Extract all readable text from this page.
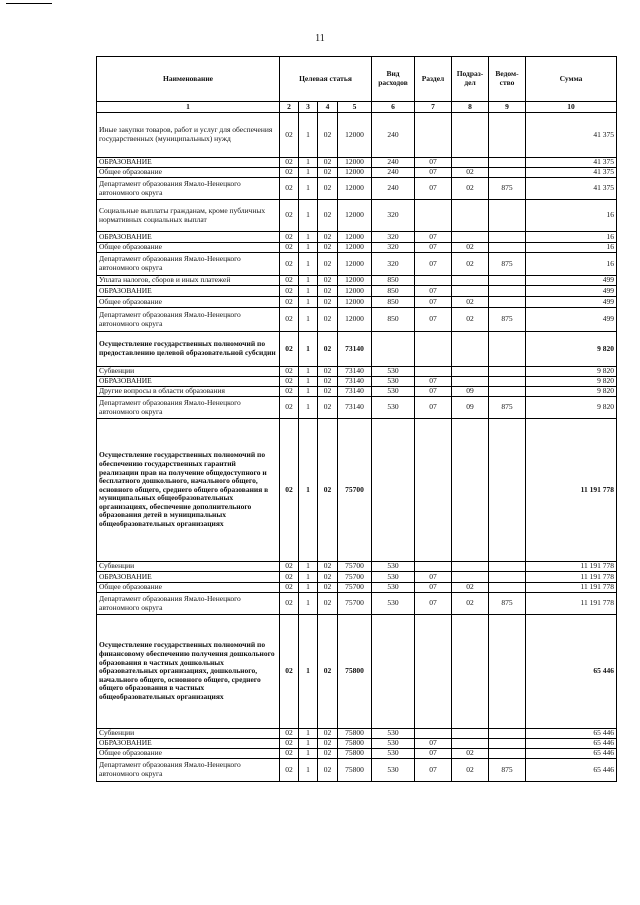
11
Наименование	Целевая статья				Вид расходов	Раздел	Подраз-дел	Ведом-ство	Сумма
1	2	3	4	5	6	7	8	9	10
Иные закупки товаров, работ и услуг для обеспечения государственных (муниципальных) нужд	02	1	02	12000	240				41 375
ОБРАЗОВАНИЕ	02	1	02	12000	240	07			41 375
Общее образование	02	1	02	12000	240	07	02		41 375
Департамент образования Ямало-Ненецкого автономного округа	02	1	02	12000	240	07	02	875	41 375
Социальные выплаты гражданам, кроме публичных нормативных социальных выплат	02	1	02	12000	320				16
ОБРАЗОВАНИЕ	02	1	02	12000	320	07			16
Общее образование	02	1	02	12000	320	07	02		16
Департамент образования Ямало-Ненецкого автономного округа	02	1	02	12000	320	07	02	875	16
Уплата налогов, сборов и иных платежей	02	1	02	12000	850				499
ОБРАЗОВАНИЕ	02	1	02	12000	850	07			499
Общее образование	02	1	02	12000	850	07	02		499
Департамент образования Ямало-Ненецкого автономного округа	02	1	02	12000	850	07	02	875	499
Осуществление государственных полномочий по предоставлению целевой образовательной субсидии	02	1	02	73140					9 820
Субвенции	02	1	02	73140	530				9 820
ОБРАЗОВАНИЕ	02	1	02	73140	530	07			9 820
Другие вопросы в области образования	02	1	02	73140	530	07	09		9 820
Департамент образования Ямало-Ненецкого автономного округа	02	1	02	73140	530	07	09	875	9 820
Осуществление государственных полномочий по обеспечению государственных гарантий реализации прав на получение общедоступного и бесплатного дошкольного, начального общего, основного общего, среднего общего образования в муниципальных общеобразовательных организациях, обеспечение дополнительного образования детей в муниципальных общеобразовательных организациях	02	1	02	75700					11 191 778
Субвенции	02	1	02	75700	530				11 191 778
ОБРАЗОВАНИЕ	02	1	02	75700	530	07			11 191 778
Общее образование	02	1	02	75700	530	07	02		11 191 778
Департамент образования Ямало-Ненецкого автономного округа	02	1	02	75700	530	07	02	875	11 191 778
Осуществление государственных полномочий по финансовому обеспечению получения дошкольного образования в частных дошкольных образовательных организациях, дошкольного, начального общего, основного общего, среднего общего образования в частных общеобразовательных организациях	02	1	02	75800					65 446
Субвенции	02	1	02	75800	530				65 446
ОБРАЗОВАНИЕ	02	1	02	75800	530	07			65 446
Общее образование	02	1	02	75800	530	07	02		65 446
Департамент образования Ямало-Ненецкого автономного округа	02	1	02	75800	530	07	02	875	65 446
